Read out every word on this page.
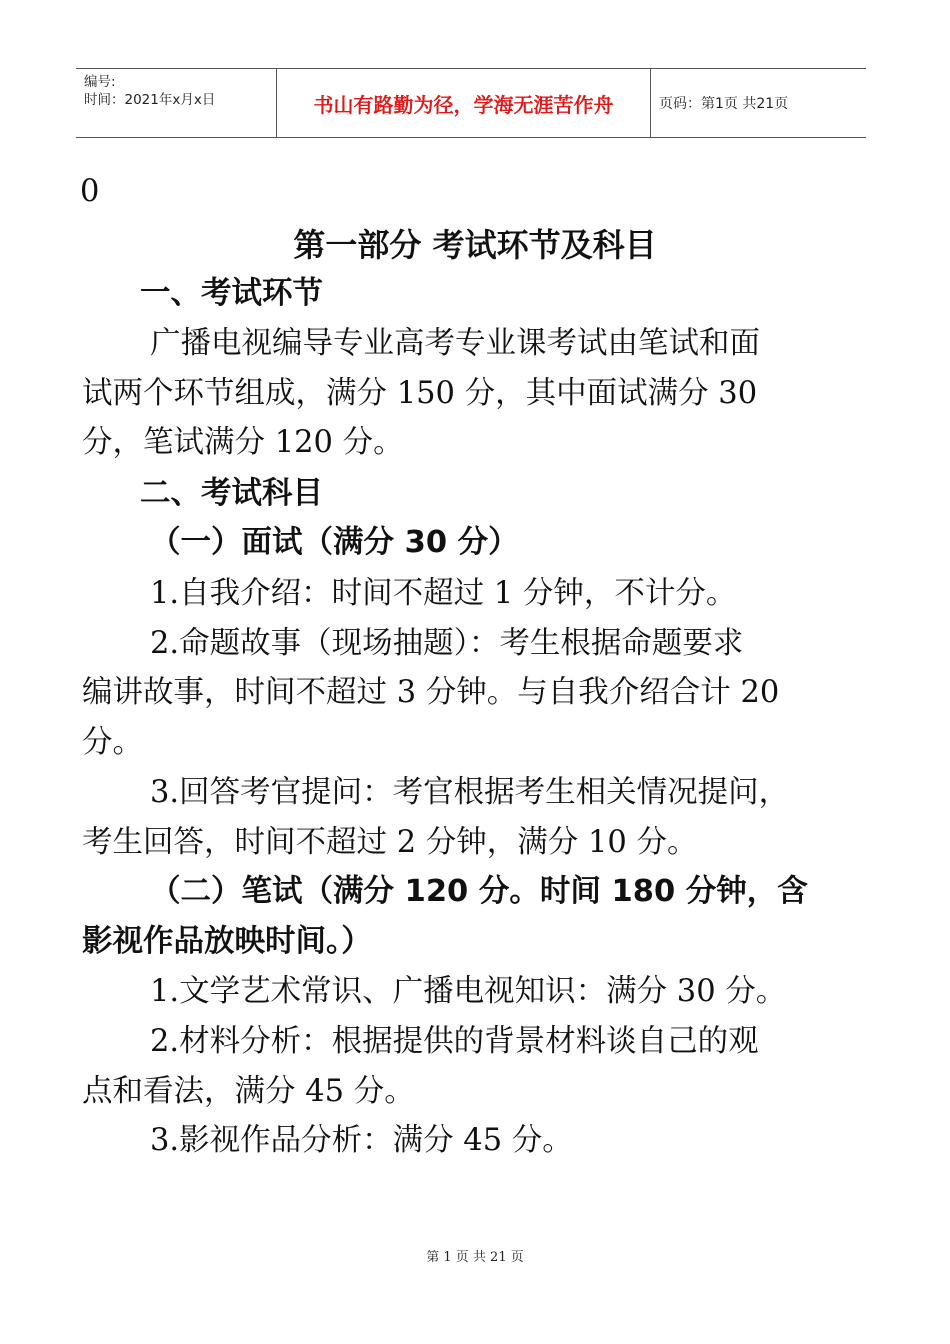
编号:
时间：2021年x月x日	书山有路勤为径，学海无涯苦作舟	页码：第1页 共21页
0
第一部分 考试环节及科目
一、考试环节
广播电视编导专业高考专业课考试由笔试和面
试两个环节组成，满分 150 分，其中面试满分 30
分，笔试满分 120 分。
二、考试科目
（一）面试（满分 30 分）
1.自我介绍：时间不超过 1 分钟，不计分。
2.命题故事（现场抽题）：考生根据命题要求
编讲故事，时间不超过 3 分钟。与自我介绍合计 20
分。
3.回答考官提问：考官根据考生相关情况提问，
考生回答，时间不超过 2 分钟，满分 10 分。
（二）笔试（满分 120 分。时间 180 分钟，含
影视作品放映时间。）
1.文学艺术常识、广播电视知识：满分 30 分。
2.材料分析：根据提供的背景材料谈自己的观
点和看法，满分 45 分。
3.影视作品分析：满分 45 分。
第 1 页 共 21 页
